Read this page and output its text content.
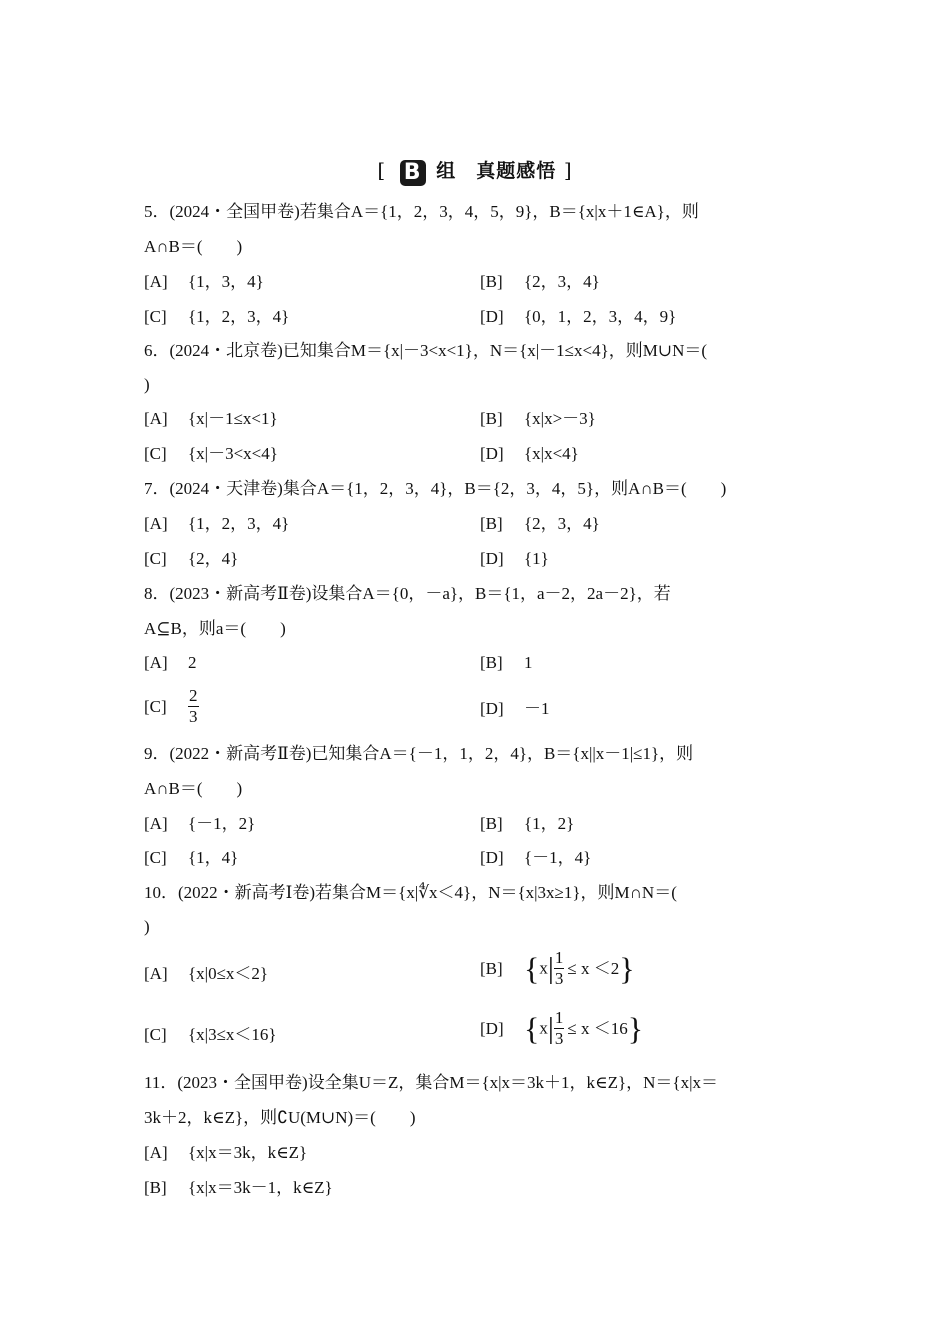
[ B 组　真题感悟 ]
5．(2024・全国甲卷)若集合A＝{1，2，3，4，5，9}，B＝{x|x＋1∈A}，则
A∩B＝(　　)
[A] {1，3，4}	[B] {2，3，4}
[C] {1，2，3，4}	[D] {0，1，2，3，4，9}
6．(2024・北京卷)已知集合M＝{x|－3<x<1}，N＝{x|－1≤x<4}，则M∪N＝(
)
[A] {x|－1≤x<1}	[B] {x|x>－3}
[C] {x|－3<x<4}	[D] {x|x<4}
7．(2024・天津卷)集合A＝{1，2，3，4}，B＝{2，3，4，5}，则A∩B＝(　　)
[A] {1，2，3，4}	[B] {2，3，4}
[C] {2，4}	[D] {1}
8．(2023・新高考Ⅱ卷)设集合A＝{0，－a}，B＝{1，a－2，2a－2}，若
A⊆B，则a＝(　　)
[A] 2	[B] 1
$[C] \frac{2}{3}$	[D] －1
9．(2022・新高考Ⅱ卷)已知集合A＝{－1，1，2，4}，B＝{x||x－1|≤1}，则
A∩B＝(　　)
[A] {－1，2}	[B] {1，2}
[C] {1，4}	[D] {－1，4}
10．(2022・新高考Ⅰ卷)若集合M＝{x|∜x＜4}，N＝{x|3x≥1}，则M∩N＝(
)
[A] {x|0≤x＜2}	[B] $\{x| \frac{1}{3} \le x <2\}$
[C] {x|3≤x＜16}	[D] $\{x| \frac{1}{3} \le x <16\}$
11．(2023・全国甲卷)设全集U＝Z，集合M＝{x|x＝3k＋1，k∈Z}，N＝{x|x＝
3k＋2，k∈Z}，则∁U(M∪N)＝(　　)
[A] {x|x＝3k，k∈Z}
[B] {x|x＝3k－1，k∈Z}
